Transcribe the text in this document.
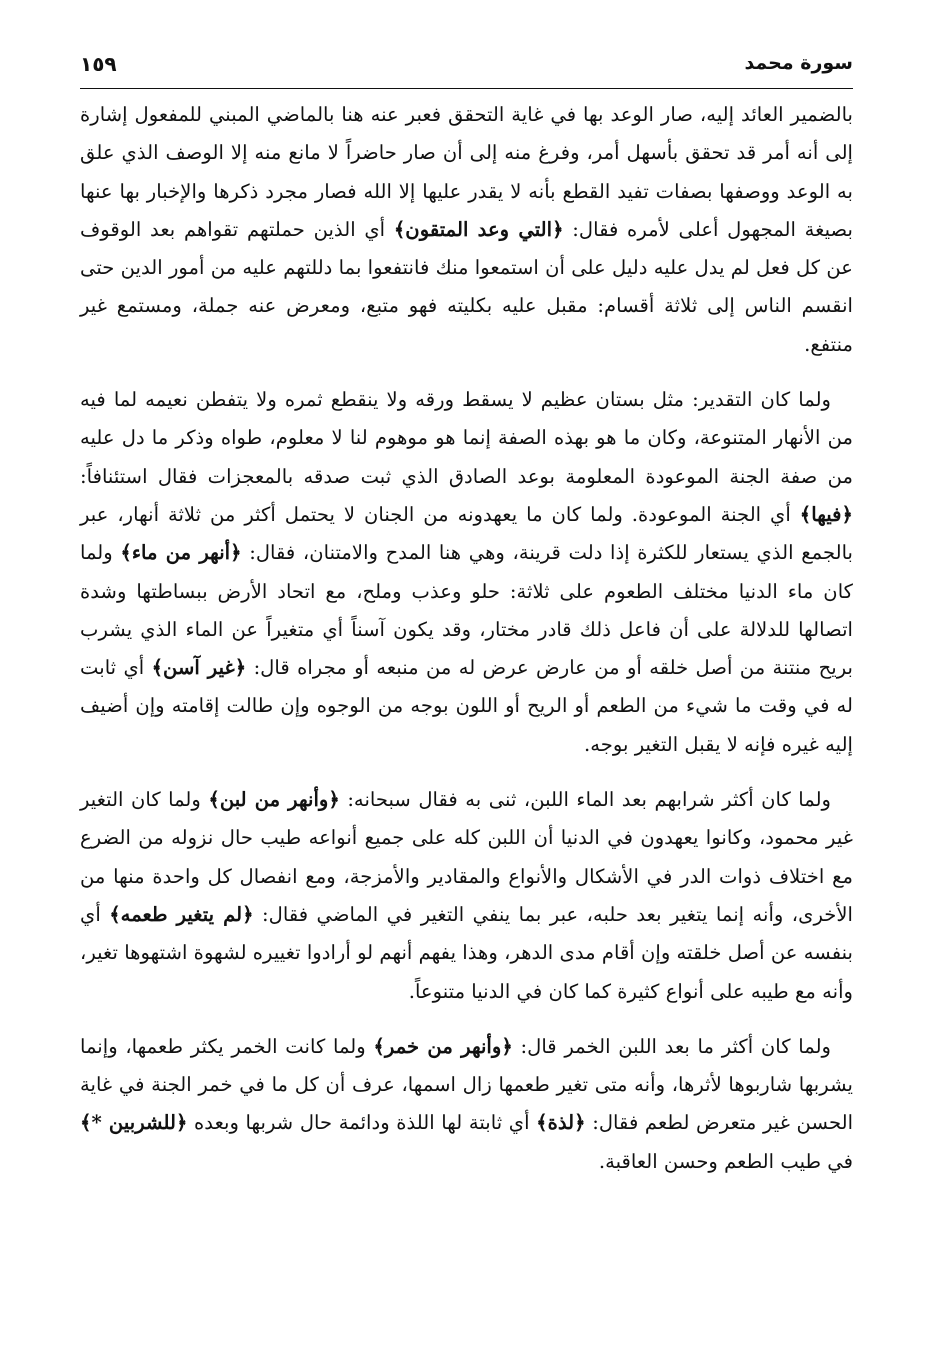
سورة محمد
١٥٩

بالضمير العائد إليه، صار الوعد بها في غاية التحقق فعبر عنه هنا بالماضي المبني للمفعول إشارة إلى أنه أمر قد تحقق بأسهل أمر، وفرغ منه إلى أن صار حاضراً لا مانع منه إلا الوصف الذي علق به الوعد ووصفها بصفات تفيد القطع بأنه لا يقدر عليها إلا الله فصار مجرد ذكرها والإخبار بها عنها بصيغة المجهول أعلى لأمره فقال: ﴿التي وعد المتقون﴾ أي الذين حملتهم تقواهم بعد الوقوف عن كل فعل لم يدل عليه دليل على أن استمعوا منك فانتفعوا بما دللتهم عليه من أمور الدين حتى انقسم الناس إلى ثلاثة أقسام: مقبل عليه بكليته فهو متبع، ومعرض عنه جملة، ومستمع غير منتفع.

ولما كان التقدير: مثل بستان عظيم لا يسقط ورقه ولا ينقطع ثمره ولا يتفطن نعيمه لما فيه من الأنهار المتنوعة، وكان ما هو بهذه الصفة إنما هو موهوم لنا لا معلوم، طواه وذكر ما دل عليه من صفة الجنة الموعودة المعلومة بوعد الصادق الذي ثبت صدقه بالمعجزات فقال استئنافاً: ﴿فيها﴾ أي الجنة الموعودة. ولما كان ما يعهدونه من الجنان لا يحتمل أكثر من ثلاثة أنهار، عبر بالجمع الذي يستعار للكثرة إذا دلت قرينة، وهي هنا المدح والامتنان، فقال: ﴿أنهر من ماء﴾ ولما كان ماء الدنيا مختلف الطعوم على ثلاثة: حلو وعذب وملح، مع اتحاد الأرض ببساطتها وشدة اتصالها للدلالة على أن فاعل ذلك قادر مختار، وقد يكون آسناً أي متغيراً عن الماء الذي يشرب بريح منتنة من أصل خلقه أو من عارض عرض له من منبعه أو مجراه قال: ﴿غير آسن﴾ أي ثابت له في وقت ما شيء من الطعم أو الريح أو اللون بوجه من الوجوه وإن طالت إقامته وإن أضيف إليه غيره فإنه لا يقبل التغير بوجه.

ولما كان أكثر شرابهم بعد الماء اللبن، ثنى به فقال سبحانه: ﴿وأنهر من لبن﴾ ولما كان التغير غير محمود، وكانوا يعهدون في الدنيا أن اللبن كله على جميع أنواعه طيب حال نزوله من الضرع مع اختلاف ذوات الدر في الأشكال والأنواع والمقادير والأمزجة، ومع انفصال كل واحدة منها من الأخرى، وأنه إنما يتغير بعد حلبه، عبر بما ينفي التغير في الماضي فقال: ﴿لم يتغير طعمه﴾ أي بنفسه عن أصل خلقته وإن أقام مدى الدهر، وهذا يفهم أنهم لو أرادوا تغييره لشهوة اشتهوها تغير، وأنه مع طيبه على أنواع كثيرة كما كان في الدنيا متنوعاً.

ولما كان أكثر ما بعد اللبن الخمر قال: ﴿وأنهر من خمر﴾ ولما كانت الخمر يكثر طعمها، وإنما يشربها شاربوها لأثرها، وأنه متى تغير طعمها زال اسمها، عرف أن كل ما في خمر الجنة في غاية الحسن غير متعرض لطعم فقال: ﴿لذة﴾ أي ثابتة لها اللذة ودائمة حال شربها وبعده ﴿للشربين *﴾ في طيب الطعم وحسن العاقبة.
